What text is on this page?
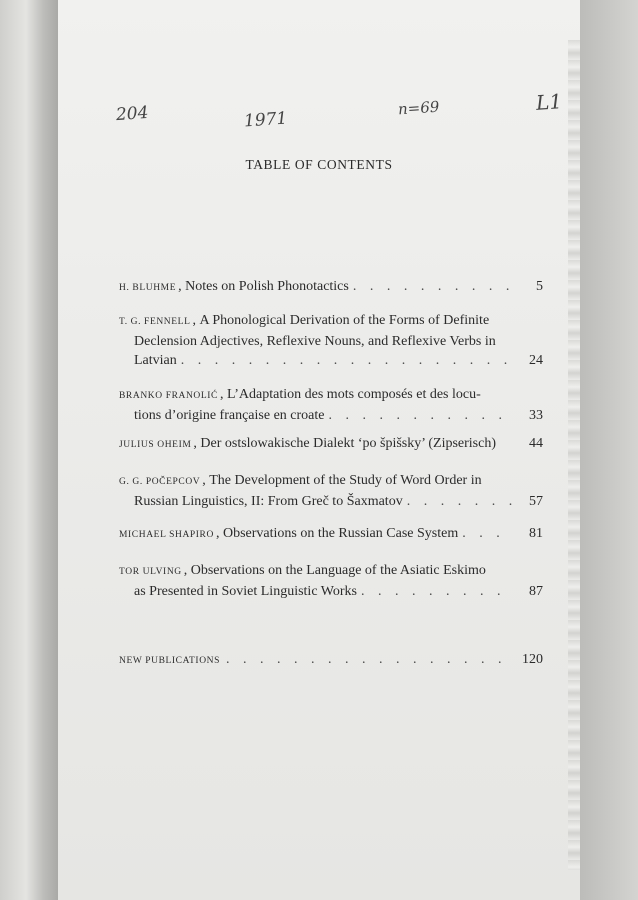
204	1971
n=69	L1
TABLE OF CONTENTS
H. BLUHME , Notes on Polish Phonotactics . . .	5
T. G. FENNELL , A Phonological Derivation of the Forms of Definite
Declension Adjectives, Reflexive Nouns, and Reflexive Verbs in
Latvian . . .	24
BRANKO FRANOLIĆ , L’Adaptation des mots composés et des locu-
tions d’origine française en croate . . .	33
JULIUS OHEIM , Der ostslowakische Dialekt ‘po špišsky’ (Zipserisch)	44
G. G. POČEPCOV , The Development of the Study of Word Order in
Russian Linguistics, II: From Greč to Šaxmatov . . .	57
MICHAEL SHAPIRO , Observations on the Russian Case System . . .	81
TOR ULVING , Observations on the Language of the Asiatic Eskimo
as Presented in Soviet Linguistic Works . . .	87
NEW PUBLICATIONS . . .	120
